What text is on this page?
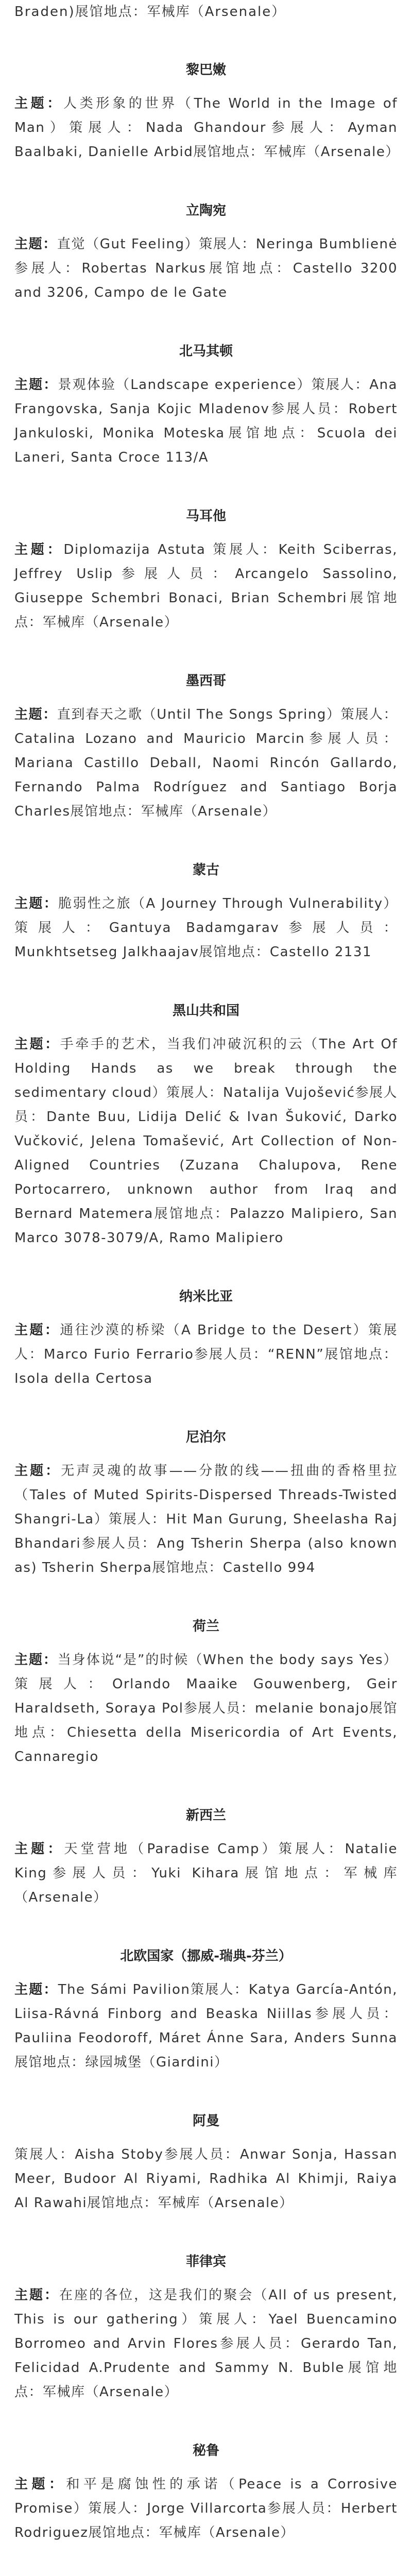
Braden)展馆地点：军械库（Arsenale）

黎巴嫩

主题：人类形象的世界（The World in the Image of Man）策展人：Nada Ghandour参展人：Ayman Baalbaki, Danielle Arbid展馆地点：军械库（Arsenale）

立陶宛

主题：直觉（Gut Feeling）策展人：Neringa Bumblienė参展人：Robertas Narkus展馆地点：Castello 3200 and 3206, Campo de le Gate

北马其顿

主题：景观体验（Landscape experience）策展人：Ana Frangovska, Sanja Kojic Mladenov参展人员：Robert Jankuloski, Monika Moteska展馆地点：Scuola dei Laneri, Santa Croce 113/A

马耳他

主题：Diplomazija Astuta 策展人：Keith Sciberras, Jeffrey Uslip参展人员：Arcangelo Sassolino, Giuseppe Schembri Bonaci, Brian Schembri展馆地点：军械库（Arsenale）

墨西哥

主题：直到春天之歌（Until The Songs Spring）策展人：Catalina Lozano and Mauricio Marcin参展人员：Mariana Castillo Deball, Naomi Rincón Gallardo, Fernando Palma Rodríguez and Santiago Borja Charles展馆地点：军械库（Arsenale）

蒙古

主题：脆弱性之旅（A Journey Through Vulnerability）策展人：Gantuya Badamgarav参展人员：Munkhtsetseg Jalkhaajav展馆地点：Castello 2131

黑山共和国

主题：手牵手的艺术，当我们冲破沉积的云（The Art Of Holding Hands as we break through the sedimentary cloud）策展人：Natalija Vujošević参展人员：Dante Buu, Lidija Delić & Ivan Šuković, Darko Vučković, Jelena Tomašević, Art Collection of Non-Aligned Countries (Zuzana Chalupova, Rene Portocarrero, unknown author from Iraq and Bernard Matemera展馆地点：Palazzo Malipiero, San Marco 3078-3079/A, Ramo Malipiero

纳米比亚

主题：通往沙漠的桥梁（A Bridge to the Desert）策展人：Marco Furio Ferrario参展人员：“RENN”展馆地点：Isola della Certosa

尼泊尔

主题：无声灵魂的故事——分散的线——扭曲的香格里拉（Tales of Muted Spirits-Dispersed Threads-Twisted Shangri-La）策展人：Hit Man Gurung, Sheelasha Raj Bhandari参展人员：Ang Tsherin Sherpa (also known as) Tsherin Sherpa展馆地点：Castello 994

荷兰

主题：当身体说“是”的时候（When the body says Yes）策展人：Orlando Maaike Gouwenberg, Geir Haraldseth, Soraya Pol参展人员：melanie bonajo展馆地点：Chiesetta della Misericordia of Art Events, Cannaregio

新西兰

主题：天堂营地（Paradise Camp）策展人：Natalie King参展人员：Yuki Kihara展馆地点：军械库（Arsenale）

北欧国家（挪威-瑞典-芬兰）

主题：The Sámi Pavilion策展人：Katya García-Antón, Liisa-Rávná Finborg and Beaska Niillas参展人员：Pauliina Feodoroff, Máret Ánne Sara, Anders Sunna展馆地点：绿园城堡（Giardini）

阿曼

策展人：Aisha Stoby参展人员：Anwar Sonja, Hassan Meer, Budoor Al Riyami, Radhika Al Khimji, Raiya Al Rawahi展馆地点：军械库（Arsenale）

菲律宾

主题：在座的各位，这是我们的聚会（All of us present, This is our gathering）策展人：Yael Buencamino Borromeo and Arvin Flores参展人员：Gerardo Tan, Felicidad A.Prudente and Sammy N. Buble展馆地点：军械库（Arsenale）

秘鲁

主题：和平是腐蚀性的承诺（Peace is a Corrosive Promise）策展人：Jorge Villarcorta参展人员：Herbert Rodriguez展馆地点：军械库（Arsenale）
